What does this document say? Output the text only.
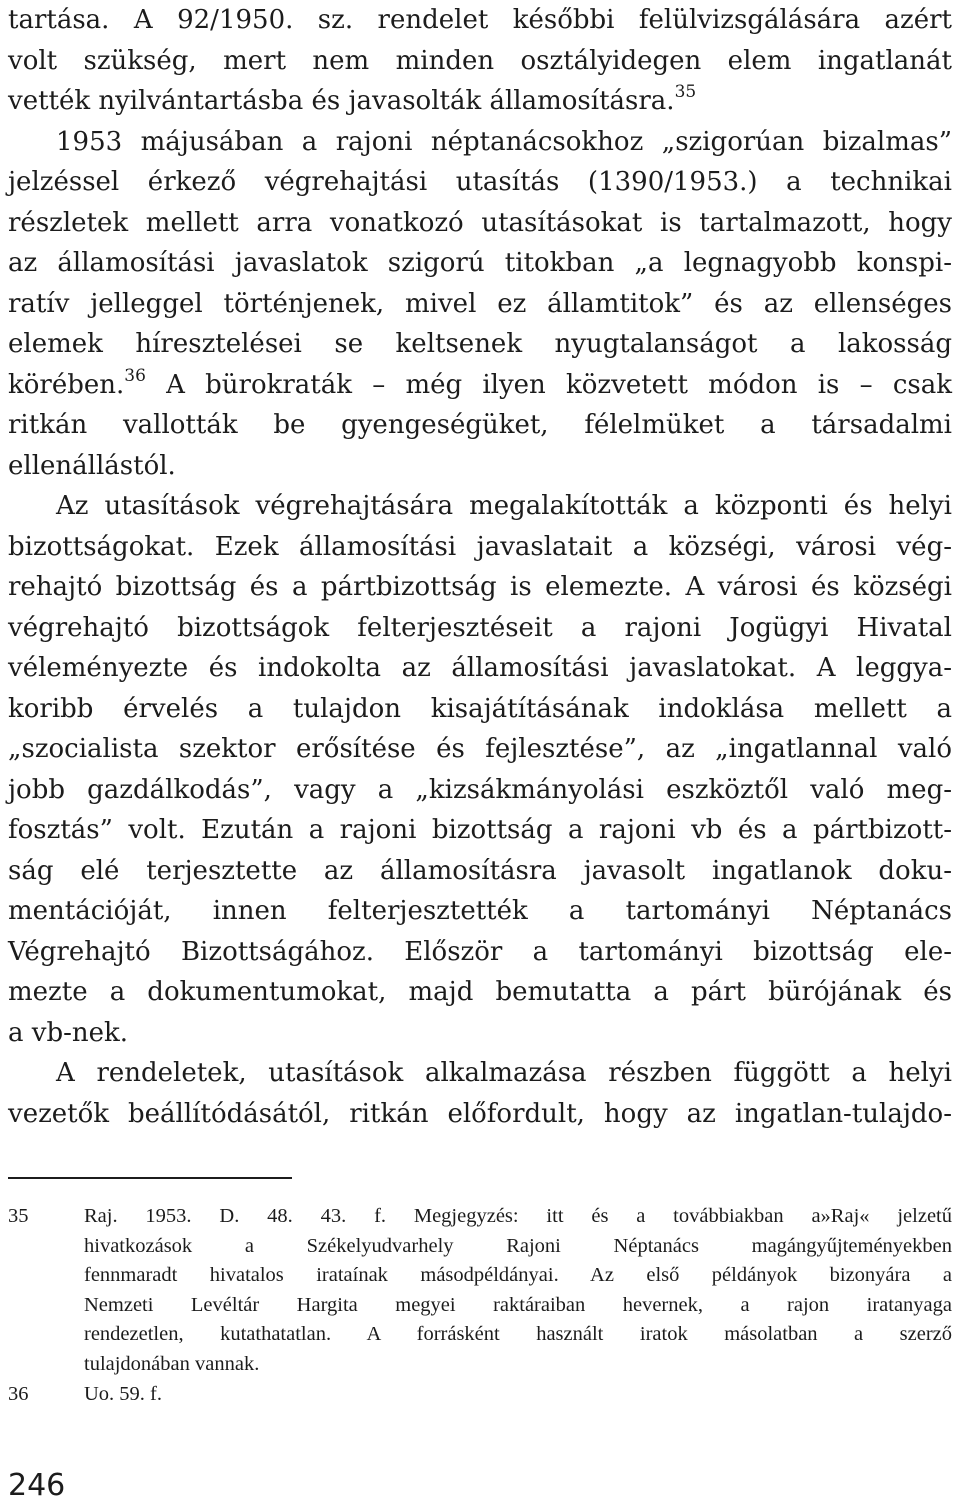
tartása. A 92/1950. sz. rendelet későbbi felülvizsgálására azért
volt szükség, mert nem minden osztályidegen elem ingatlanát
vették nyilvántartásba és javasolták államosításra.$^{35}$
1953 májusában a rajoni néptanácsokhoz „szigorúan bizalmas”
jelzéssel érkező végrehajtási utasítás (1390/1953.) a technikai
részletek mellett arra vonatkozó utasításokat is tartalmazott, hogy
az államosítási javaslatok szigorú titokban „a legnagyobb konspi-
ratív jelleggel történjenek, mivel ez államtitok” és az ellenséges
elemek híresztelései se keltsenek nyugtalanságot a lakosság
körében.$^{36}$ A bürokraták – még ilyen közvetett módon is – csak
ritkán vallották be gyengeségüket, félelmüket a társadalmi
ellenállástól.
Az utasítások végrehajtására megalakították a központi és helyi
bizottságokat. Ezek államosítási javaslatait a községi, városi vég-
rehajtó bizottság és a pártbizottság is elemezte. A városi és községi
végrehajtó bizottságok felterjesztéseit a rajoni Jogügyi Hivatal
véleményezte és indokolta az államosítási javaslatokat. A leggya-
koribb érvelés a tulajdon kisajátításának indoklása mellett a
„szocialista szektor erősítése és fejlesztése”, az „ingatlannal való
jobb gazdálkodás”, vagy a „kizsákmányolási eszköztől való meg-
fosztás” volt. Ezután a rajoni bizottság a rajoni vb és a pártbizott-
ság elé terjesztette az államosításra javasolt ingatlanok doku-
mentációját, innen felterjesztették a tartományi Néptanács
Végrehajtó Bizottságához. Először a tartományi bizottság ele-
mezte a dokumentumokat, majd bemutatta a párt bürójának és
a vb-nek.
A rendeletek, utasítások alkalmazása részben függött a helyi
vezetők beállítódásától, ritkán előfordult, hogy az ingatlan-tulajdo-
35	Raj. 1953. D. 48. 43. f. Megjegyzés: itt és a továbbiakban a»Raj« jelzetű
hivatkozások a Székelyudvarhely Rajoni Néptanács magángyűjteményekben
fennmaradt hivatalos irataínak másodpéldányai. Az első példányok bizonyára a
Nemzeti Levéltár Hargita megyei raktáraiban hevernek, a rajon iratanyaga
rendezetlen, kutathatatlan. A forrásként használt iratok másolatban a szerző
tulajdonában vannak.
36	Uo. 59. f.
246
